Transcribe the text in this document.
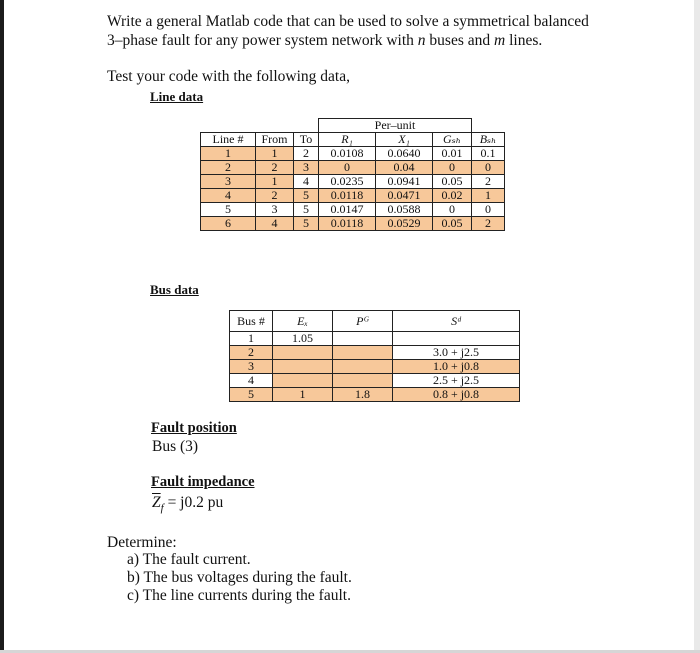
Write a general Matlab code that can be used to solve a symmetrical balanced
3–phase fault for any power system network with n buses and m lines.
Test your code with the following data,
Line data
			Per–unit			
Line #	From	To	R₁	X₁	Gₛₕ	Bₛₕ
1	1	2	0.0108	0.0640	0.01	0.1
2	2	3	0	0.04	0	0
3	1	4	0.0235	0.0941	0.05	2
4	2	5	0.0118	0.0471	0.02	1
5	3	5	0.0147	0.0588	0	0
6	4	5	0.0118	0.0529	0.05	2
Bus data
Bus #	Eₓ	Pᴳ	Sᵈ
1	1.05		
2			3.0 + j2.5
3			1.0 + j0.8
4			2.5 + j2.5
5	1	1.8	0.8 + j0.8
Fault position
Bus (3)
Fault impedance
$\overline{Z}_f = j0.2$ pu
Determine:
a) The fault current.
b) The bus voltages during the fault.
c) The line currents during the fault.
